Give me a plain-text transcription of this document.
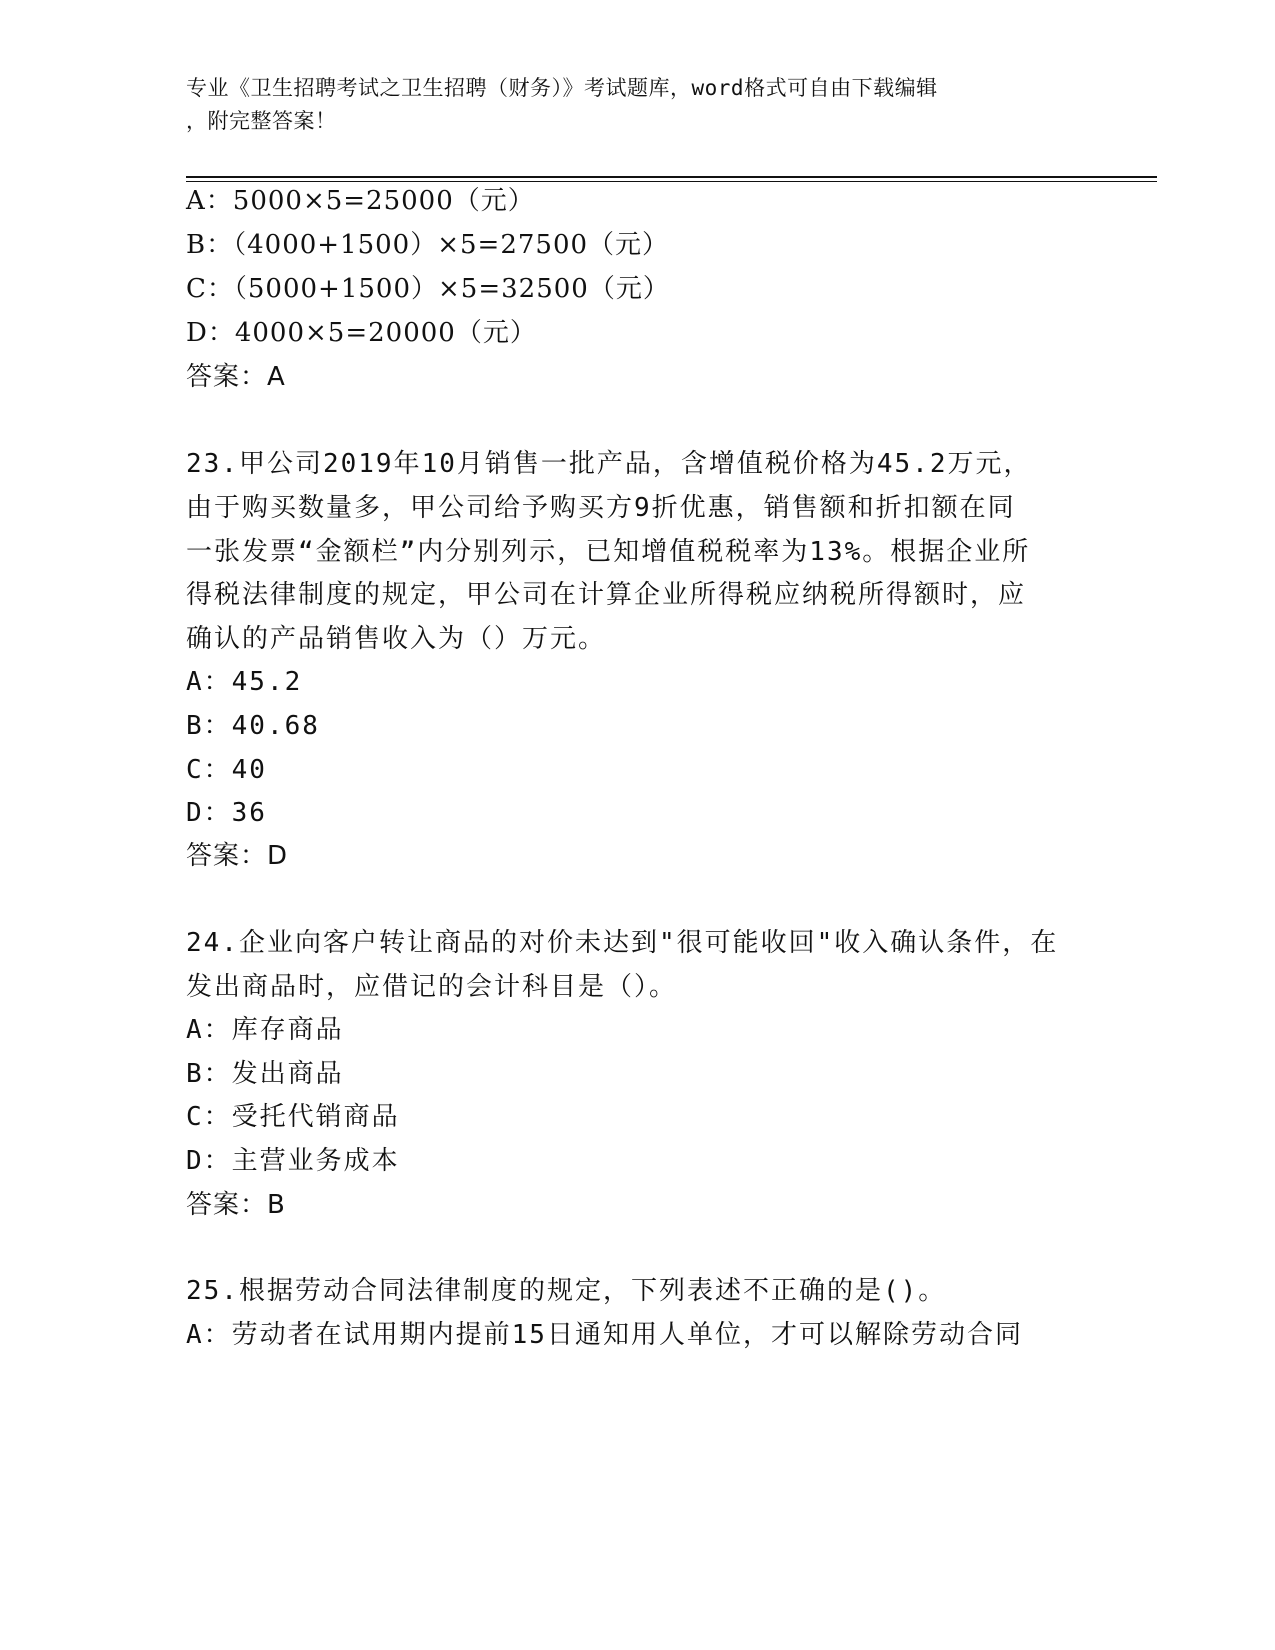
专业《卫生招聘考试之卫生招聘（财务）》考试题库，word格式可自由下载编辑
，附完整答案！
A：5000×5=25000（元）
B：（4000+1500）×5=27500（元）
C：（5000+1500）×5=32500（元）
D：4000×5=20000（元）
答案：A
23.甲公司2019年10月销售一批产品，含增值税价格为45.2万元，
由于购买数量多，甲公司给予购买方9折优惠，销售额和折扣额在同
一张发票“金额栏”内分别列示，已知增值税税率为13%。根据企业所
得税法律制度的规定，甲公司在计算企业所得税应纳税所得额时，应
确认的产品销售收入为（）万元。
A：45.2
B：40.68
C：40
D：36
答案：D
24.企业向客户转让商品的对价未达到"很可能收回"收入确认条件，在
发出商品时，应借记的会计科目是（）。
A：库存商品
B：发出商品
C：受托代销商品
D：主营业务成本
答案：B
25.根据劳动合同法律制度的规定，下列表述不正确的是()。
A：劳动者在试用期内提前15日通知用人单位，才可以解除劳动合同
